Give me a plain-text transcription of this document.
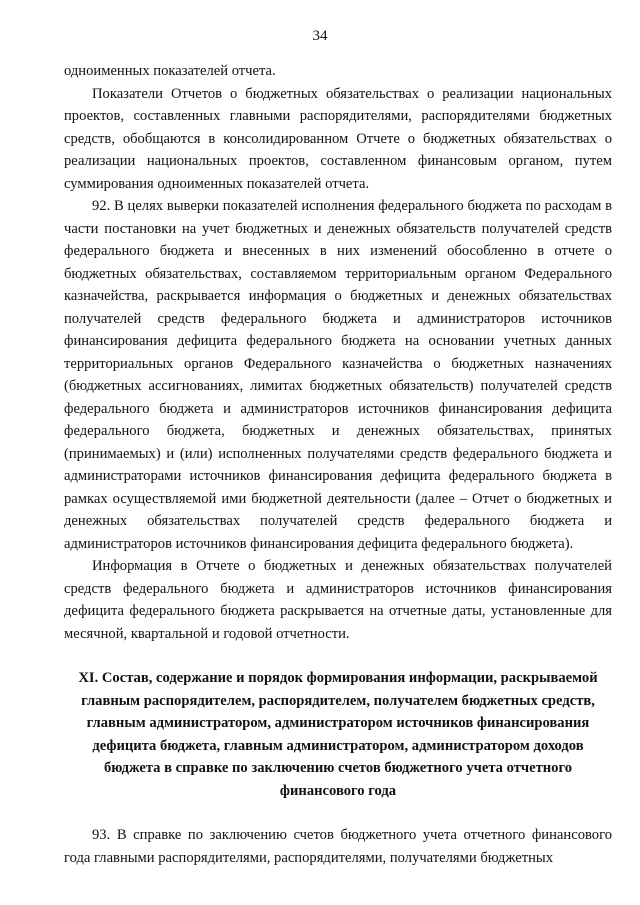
34

одноименных показателей отчета.

Показатели Отчетов о бюджетных обязательствах о реализации национальных проектов, составленных главными распорядителями, распорядителями бюджетных средств, обобщаются в консолидированном Отчете о бюджетных обязательствах о реализации национальных проектов, составленном финансовым органом, путем суммирования одноименных показателей отчета.

92. В целях выверки показателей исполнения федерального бюджета по расходам в части постановки на учет бюджетных и денежных обязательств получателей средств федерального бюджета и внесенных в них изменений обособленно в отчете о бюджетных обязательствах, составляемом территориальным органом Федерального казначейства, раскрывается информация о бюджетных и денежных обязательствах получателей средств федерального бюджета и администраторов источников финансирования дефицита федерального бюджета на основании учетных данных территориальных органов Федерального казначейства о бюджетных назначениях (бюджетных ассигнованиях, лимитах бюджетных обязательств) получателей средств федерального бюджета и администраторов источников финансирования дефицита федерального бюджета, бюджетных и денежных обязательствах, принятых (принимаемых) и (или) исполненных получателями средств федерального бюджета и администраторами источников финансирования дефицита федерального бюджета в рамках осуществляемой ими бюджетной деятельности (далее – Отчет о бюджетных и денежных обязательствах получателей средств федерального бюджета и администраторов источников финансирования дефицита федерального бюджета).

Информация в Отчете о бюджетных и денежных обязательствах получателей средств федерального бюджета и администраторов источников финансирования дефицита федерального бюджета раскрывается на отчетные даты, установленные для месячной, квартальной и годовой отчетности.

XI. Состав, содержание и порядок формирования информации, раскрываемой
главным распорядителем, распорядителем, получателем бюджетных средств,
главным администратором, администратором источников финансирования
дефицита бюджета, главным администратором, администратором доходов
бюджета в справке по заключению счетов бюджетного учета отчетного
финансового года

93. В справке по заключению счетов бюджетного учета отчетного финансового года главными распорядителями, распорядителями, получателями бюджетных
